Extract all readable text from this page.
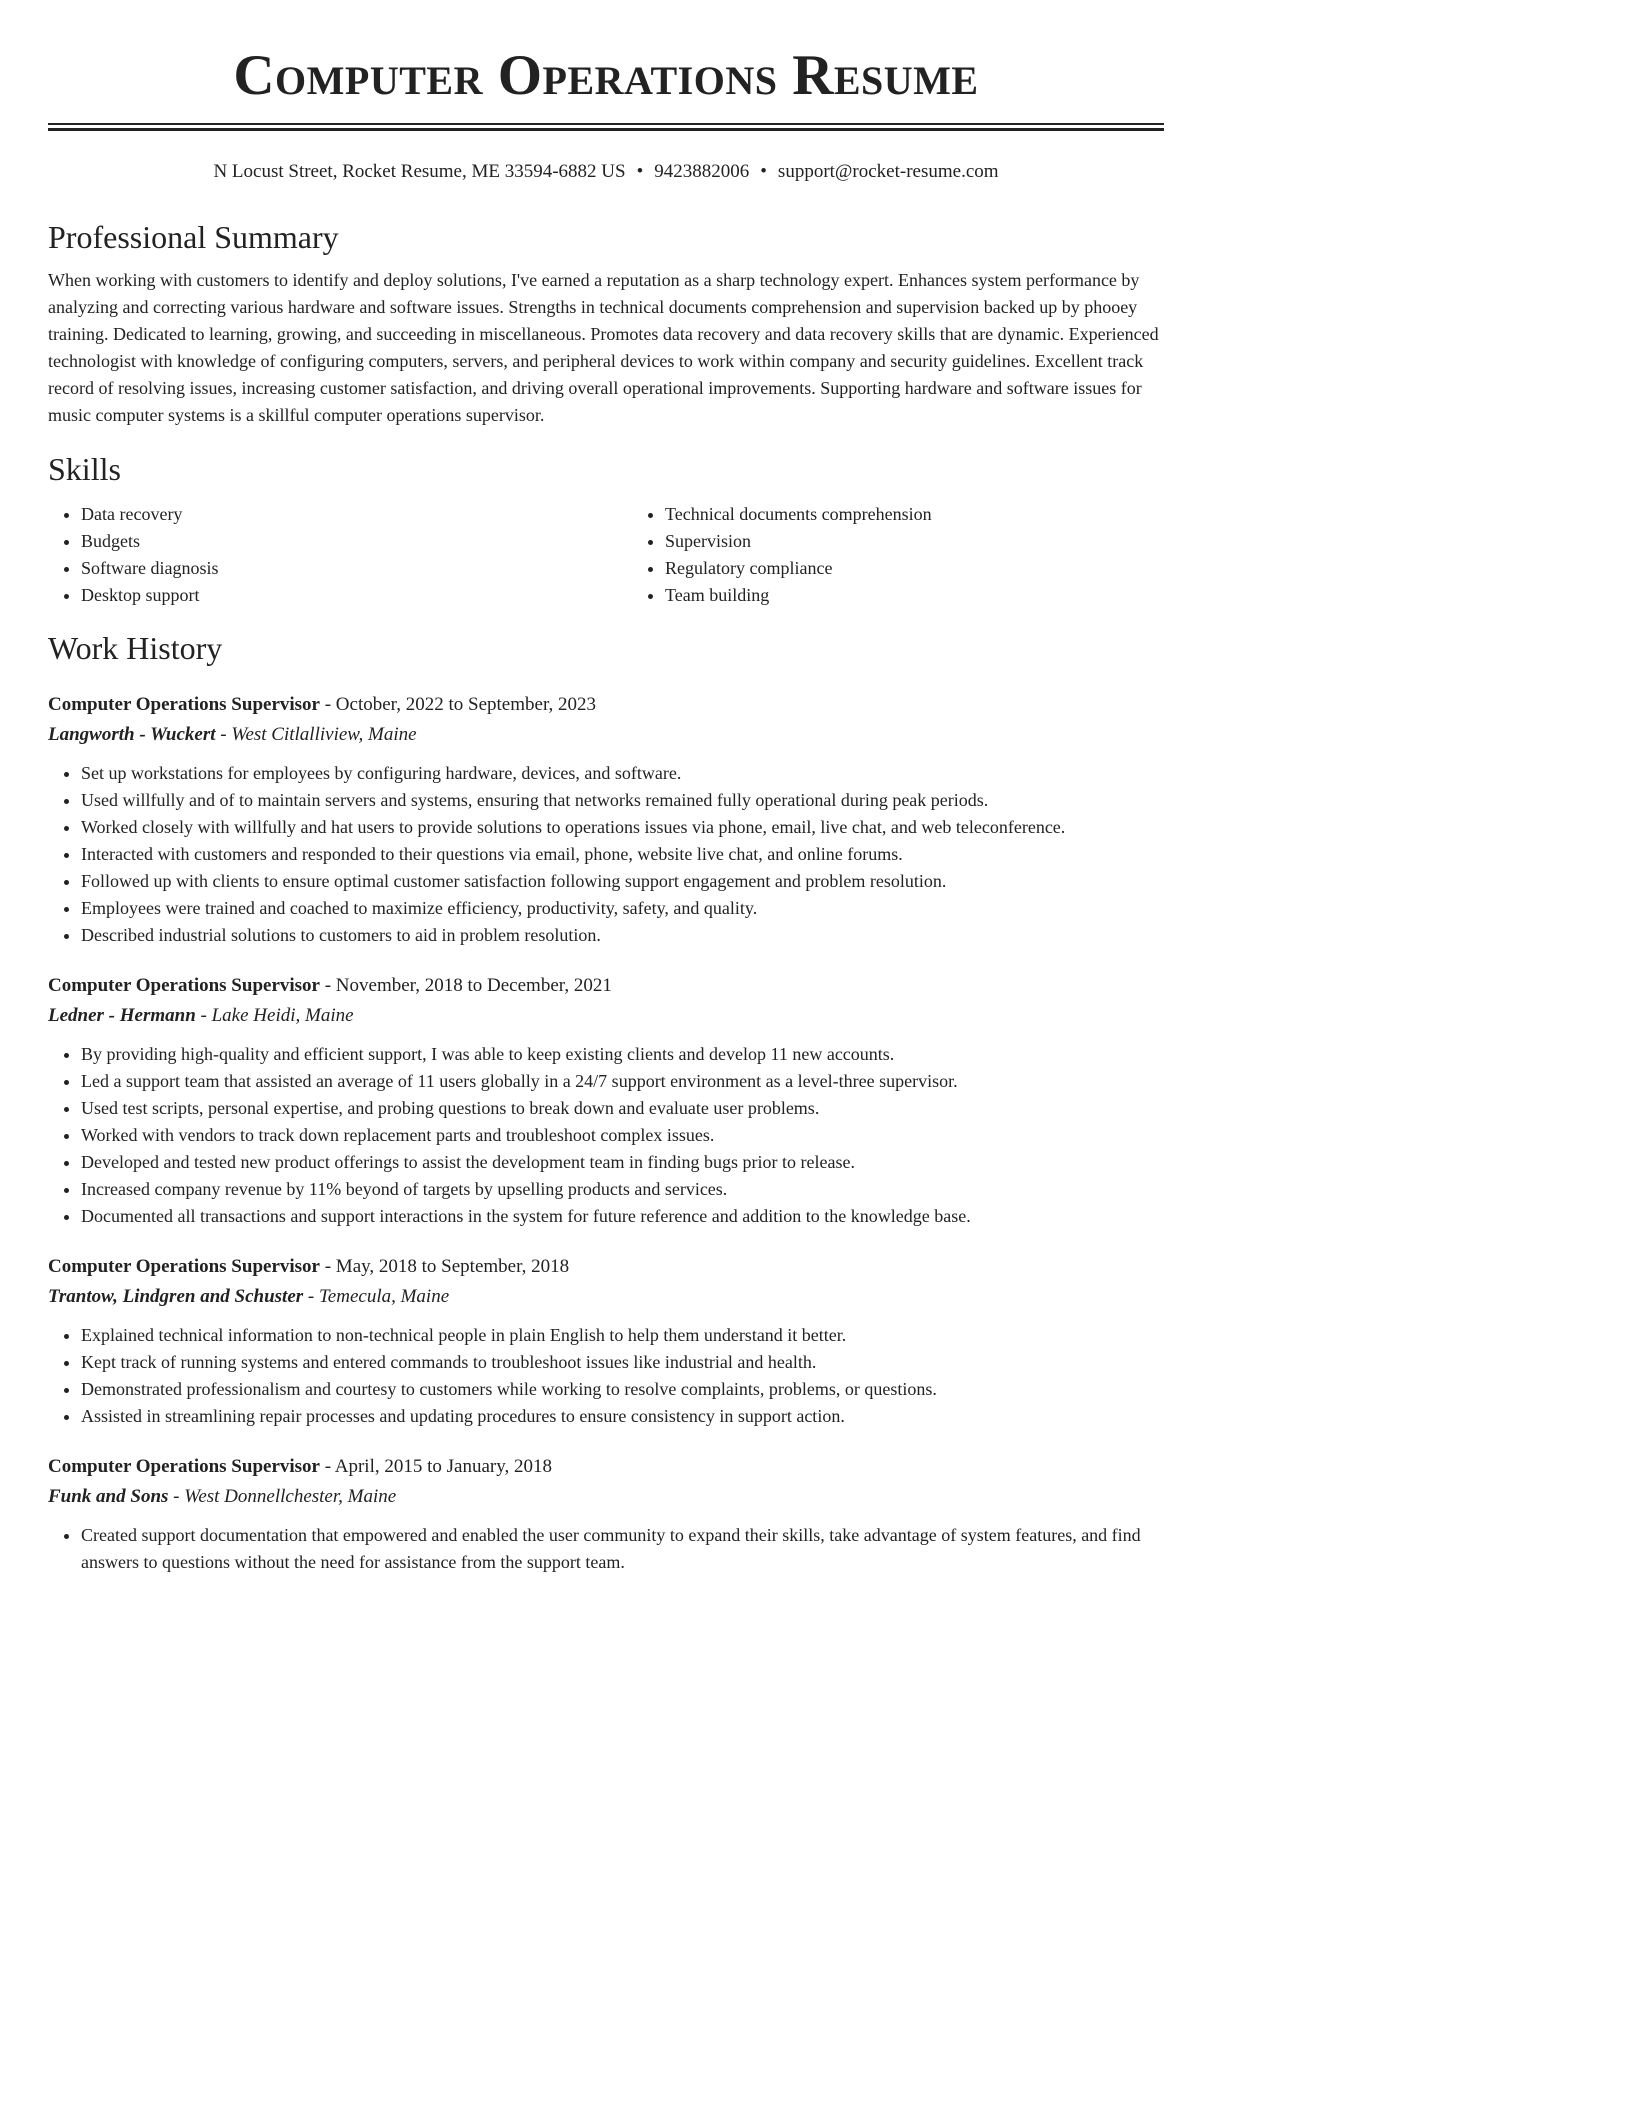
Computer Operations Resume
N Locust Street, Rocket Resume, ME 33594-6882 US • 9423882006 • support@rocket-resume.com
Professional Summary

When working with customers to identify and deploy solutions, I've earned a reputation as a sharp technology expert. Enhances system performance by analyzing and correcting various hardware and software issues. Strengths in technical documents comprehension and supervision backed up by phooey training. Dedicated to learning, growing, and succeeding in miscellaneous. Promotes data recovery and data recovery skills that are dynamic. Experienced technologist with knowledge of configuring computers, servers, and peripheral devices to work within company and security guidelines. Excellent track record of resolving issues, increasing customer satisfaction, and driving overall operational improvements. Supporting hardware and software issues for music computer systems is a skillful computer operations supervisor.

Skills
• Data recovery
• Budgets
• Software diagnosis
• Desktop support
• Technical documents comprehension
• Supervision
• Regulatory compliance
• Team building
Work History
Computer Operations Supervisor - October, 2022 to September, 2023
Langworth - Wuckert - West Citlalliview, Maine
• Set up workstations for employees by configuring hardware, devices, and software.
• Used willfully and of to maintain servers and systems, ensuring that networks remained fully operational during peak periods.
• Worked closely with willfully and hat users to provide solutions to operations issues via phone, email, live chat, and web teleconference.
• Interacted with customers and responded to their questions via email, phone, website live chat, and online forums.
• Followed up with clients to ensure optimal customer satisfaction following support engagement and problem resolution.
• Employees were trained and coached to maximize efficiency, productivity, safety, and quality.
• Described industrial solutions to customers to aid in problem resolution.
Computer Operations Supervisor - November, 2018 to December, 2021
Ledner - Hermann - Lake Heidi, Maine
• By providing high-quality and efficient support, I was able to keep existing clients and develop 11 new accounts.
• Led a support team that assisted an average of 11 users globally in a 24/7 support environment as a level-three supervisor.
• Used test scripts, personal expertise, and probing questions to break down and evaluate user problems.
• Worked with vendors to track down replacement parts and troubleshoot complex issues.
• Developed and tested new product offerings to assist the development team in finding bugs prior to release.
• Increased company revenue by 11% beyond of targets by upselling products and services.
• Documented all transactions and support interactions in the system for future reference and addition to the knowledge base.
Computer Operations Supervisor - May, 2018 to September, 2018
Trantow, Lindgren and Schuster - Temecula, Maine
• Explained technical information to non-technical people in plain English to help them understand it better.
• Kept track of running systems and entered commands to troubleshoot issues like industrial and health.
• Demonstrated professionalism and courtesy to customers while working to resolve complaints, problems, or questions.
• Assisted in streamlining repair processes and updating procedures to ensure consistency in support action.
Computer Operations Supervisor - April, 2015 to January, 2018
Funk and Sons - West Donnellchester, Maine
• Created support documentation that empowered and enabled the user community to expand their skills, take advantage of system features, and find answers to questions without the need for assistance from the support team.
